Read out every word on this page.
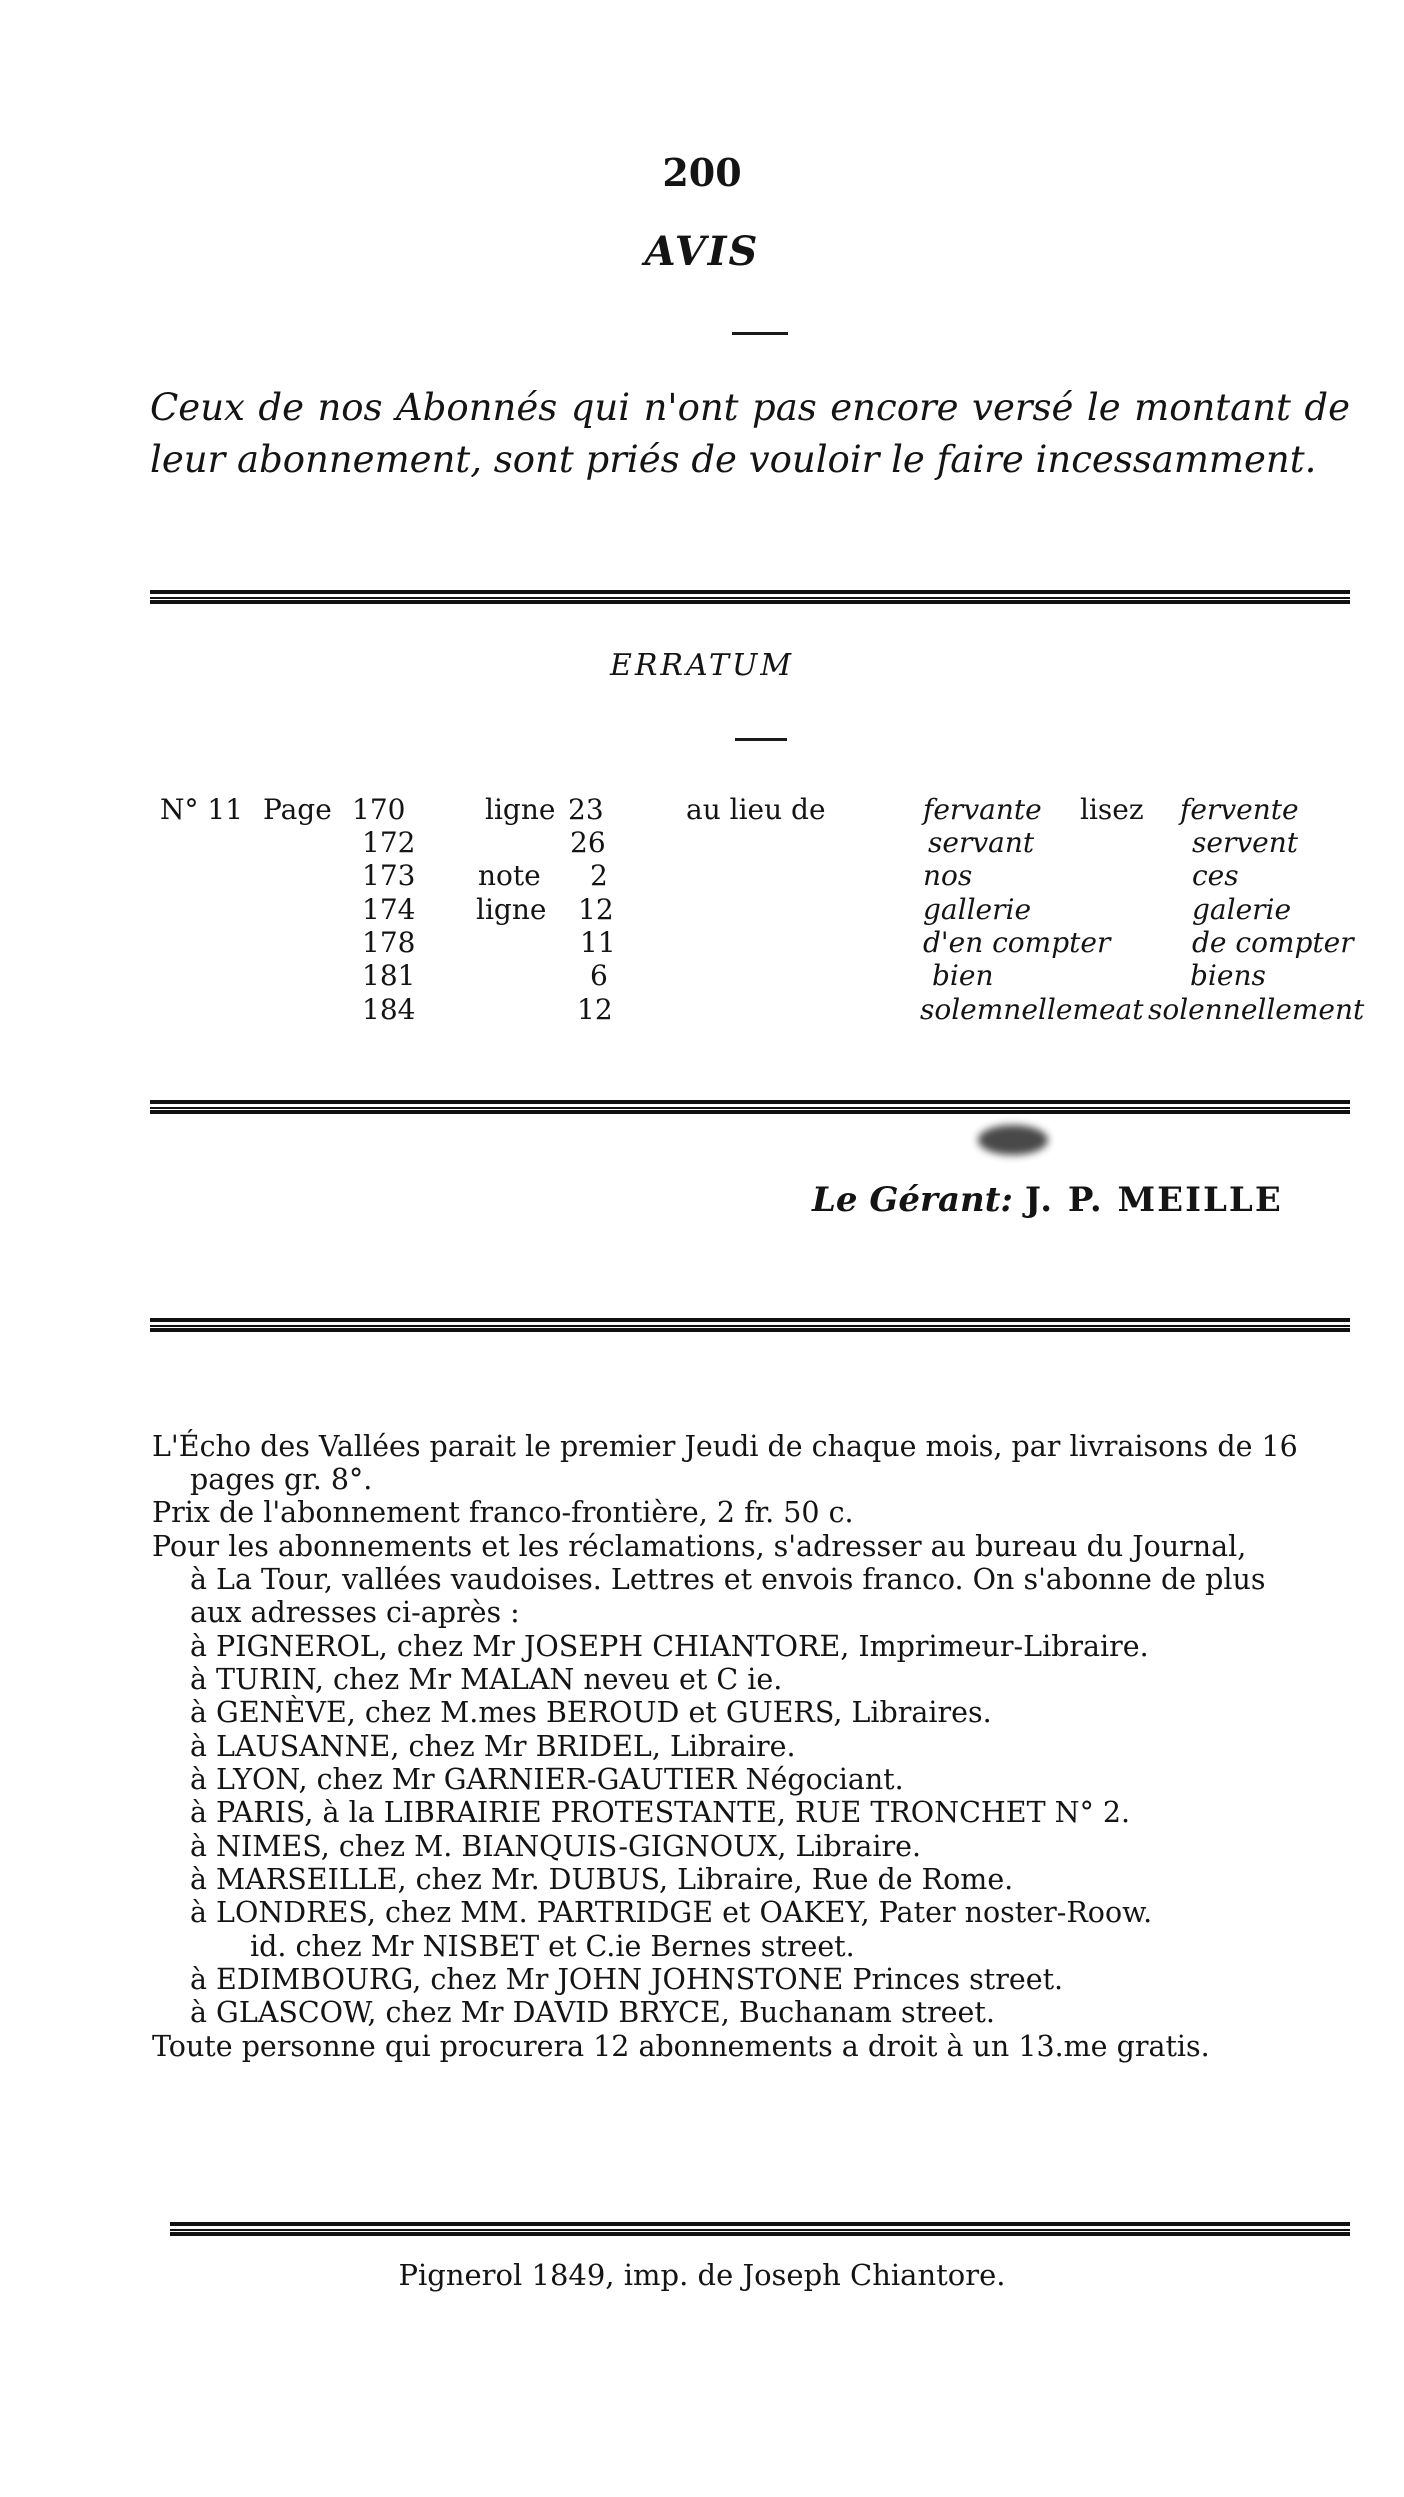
200
AVIS
Ceux de nos Abonnés qui n'ont pas encore versé le montant de leur abonnement, sont priés de vouloir le faire incessamment.
ERRATUM
N° 11 Page	au lieu de	lisez
170	ligne 23	fervante	fervente
172	26	servant	servent
173 note 2	nos	ces
174 ligne 12	gallerie	galerie
178	11	d'en compter	de compter
181	6	bien	biens
184	12	solemnellemeat solennellement
Le Gérant: J. P. MEILLE
L'Écho des Vallées parait le premier Jeudi de chaque mois, par livraisons de 16
pages gr. 8°.
Prix de l'abonnement franco-frontière, 2 fr. 50 c.
Pour les abonnements et les réclamations, s'adresser au bureau du Journal,
à La Tour, vallées vaudoises. Lettres et envois franco. On s'abonne de plus
aux adresses ci-après :
à PIGNEROL, chez Mr JOSEPH CHIANTORE, Imprimeur-Libraire.
à TURIN, chez Mr MALAN neveu et C ie.
à GENÈVE, chez M.mes BEROUD et GUERS, Libraires.
à LAUSANNE, chez Mr BRIDEL, Libraire.
à LYON, chez Mr GARNIER-GAUTIER Négociant.
à PARIS, à la LIBRAIRIE PROTESTANTE, RUE TRONCHET N° 2.
à NIMES, chez M. BIANQUIS-GIGNOUX, Libraire.
à MARSEILLE, chez Mr. DUBUS, Libraire, Rue de Rome.
à LONDRES, chez MM. PARTRIDGE et OAKEY, Pater noster-Roow.
id. chez Mr NISBET et C.ie Bernes street.
à EDIMBOURG, chez Mr JOHN JOHNSTONE Princes street.
à GLASCOW, chez Mr DAVID BRYCE, Buchanam street.
Toute personne qui procurera 12 abonnements a droit à un 13.me gratis.
Pignerol 1849, imp. de Joseph Chiantore.
